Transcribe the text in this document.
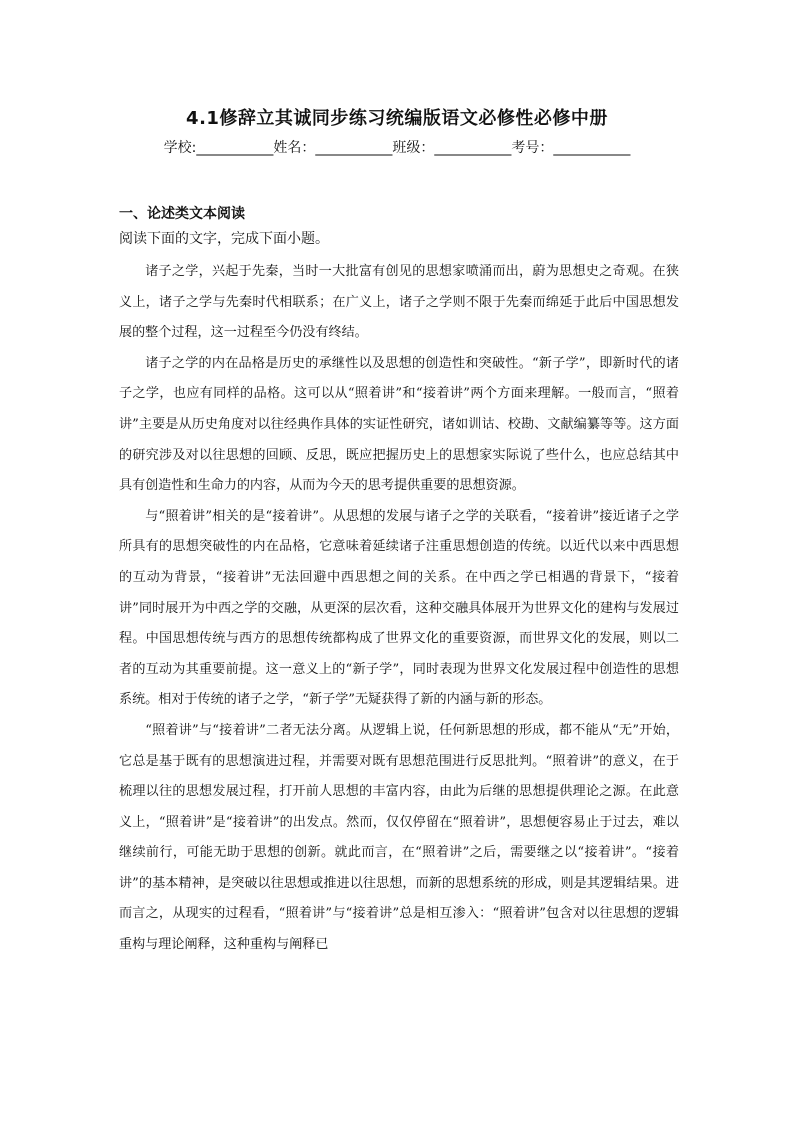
4.1修辞立其诚同步练习统编版语文必修性必修中册
学校:___________姓名：___________班级：___________考号：___________
一、论述类文本阅读
阅读下面的文字，完成下面小题。

诸子之学，兴起于先秦，当时一大批富有创见的思想家喷涌而出，蔚为思想史之奇观。在狭义上，诸子之学与先秦时代相联系；在广义上，诸子之学则不限于先秦而绵延于此后中国思想发展的整个过程，这一过程至今仍没有终结。

诸子之学的内在品格是历史的承继性以及思想的创造性和突破性。“新子学”，即新时代的诸子之学，也应有同样的品格。这可以从“照着讲”和“接着讲”两个方面来理解。一般而言，“照着讲”主要是从历史角度对以往经典作具体的实证性研究，诸如训诂、校勘、文献编纂等等。这方面的研究涉及对以往思想的回顾、反思，既应把握历史上的思想家实际说了些什么，也应总结其中具有创造性和生命力的内容，从而为今天的思考提供重要的思想资源。

与“照着讲”相关的是“接着讲”。从思想的发展与诸子之学的关联看，“接着讲”接近诸子之学所具有的思想突破性的内在品格，它意味着延续诸子注重思想创造的传统。以近代以来中西思想的互动为背景，“接着讲”无法回避中西思想之间的关系。在中西之学已相遇的背景下，“接着讲”同时展开为中西之学的交融，从更深的层次看，这种交融具体展开为世界文化的建构与发展过程。中国思想传统与西方的思想传统都构成了世界文化的重要资源，而世界文化的发展，则以二者的互动为其重要前提。这一意义上的“新子学”，同时表现为世界文化发展过程中创造性的思想系统。相对于传统的诸子之学，“新子学”无疑获得了新的内涵与新的形态。

“照着讲”与“接着讲”二者无法分离。从逻辑上说，任何新思想的形成，都不能从“无”开始，它总是基于既有的思想演进过程，并需要对既有思想范围进行反思批判。“照着讲”的意义，在于梳理以往的思想发展过程，打开前人思想的丰富内容，由此为后继的思想提供理论之源。在此意义上，“照着讲”是“接着讲”的出发点。然而，仅仅停留在“照着讲”，思想便容易止于过去，难以继续前行，可能无助于思想的创新。就此而言，在“照着讲”之后，需要继之以“接着讲”。“接着讲”的基本精神，是突破以往思想或推进以往思想，而新的思想系统的形成，则是其逻辑结果。进而言之，从现实的过程看，“照着讲”与“接着讲”总是相互渗入：“照着讲”包含对以往思想的逻辑重构与理论阐释，这种重构与阐释已
